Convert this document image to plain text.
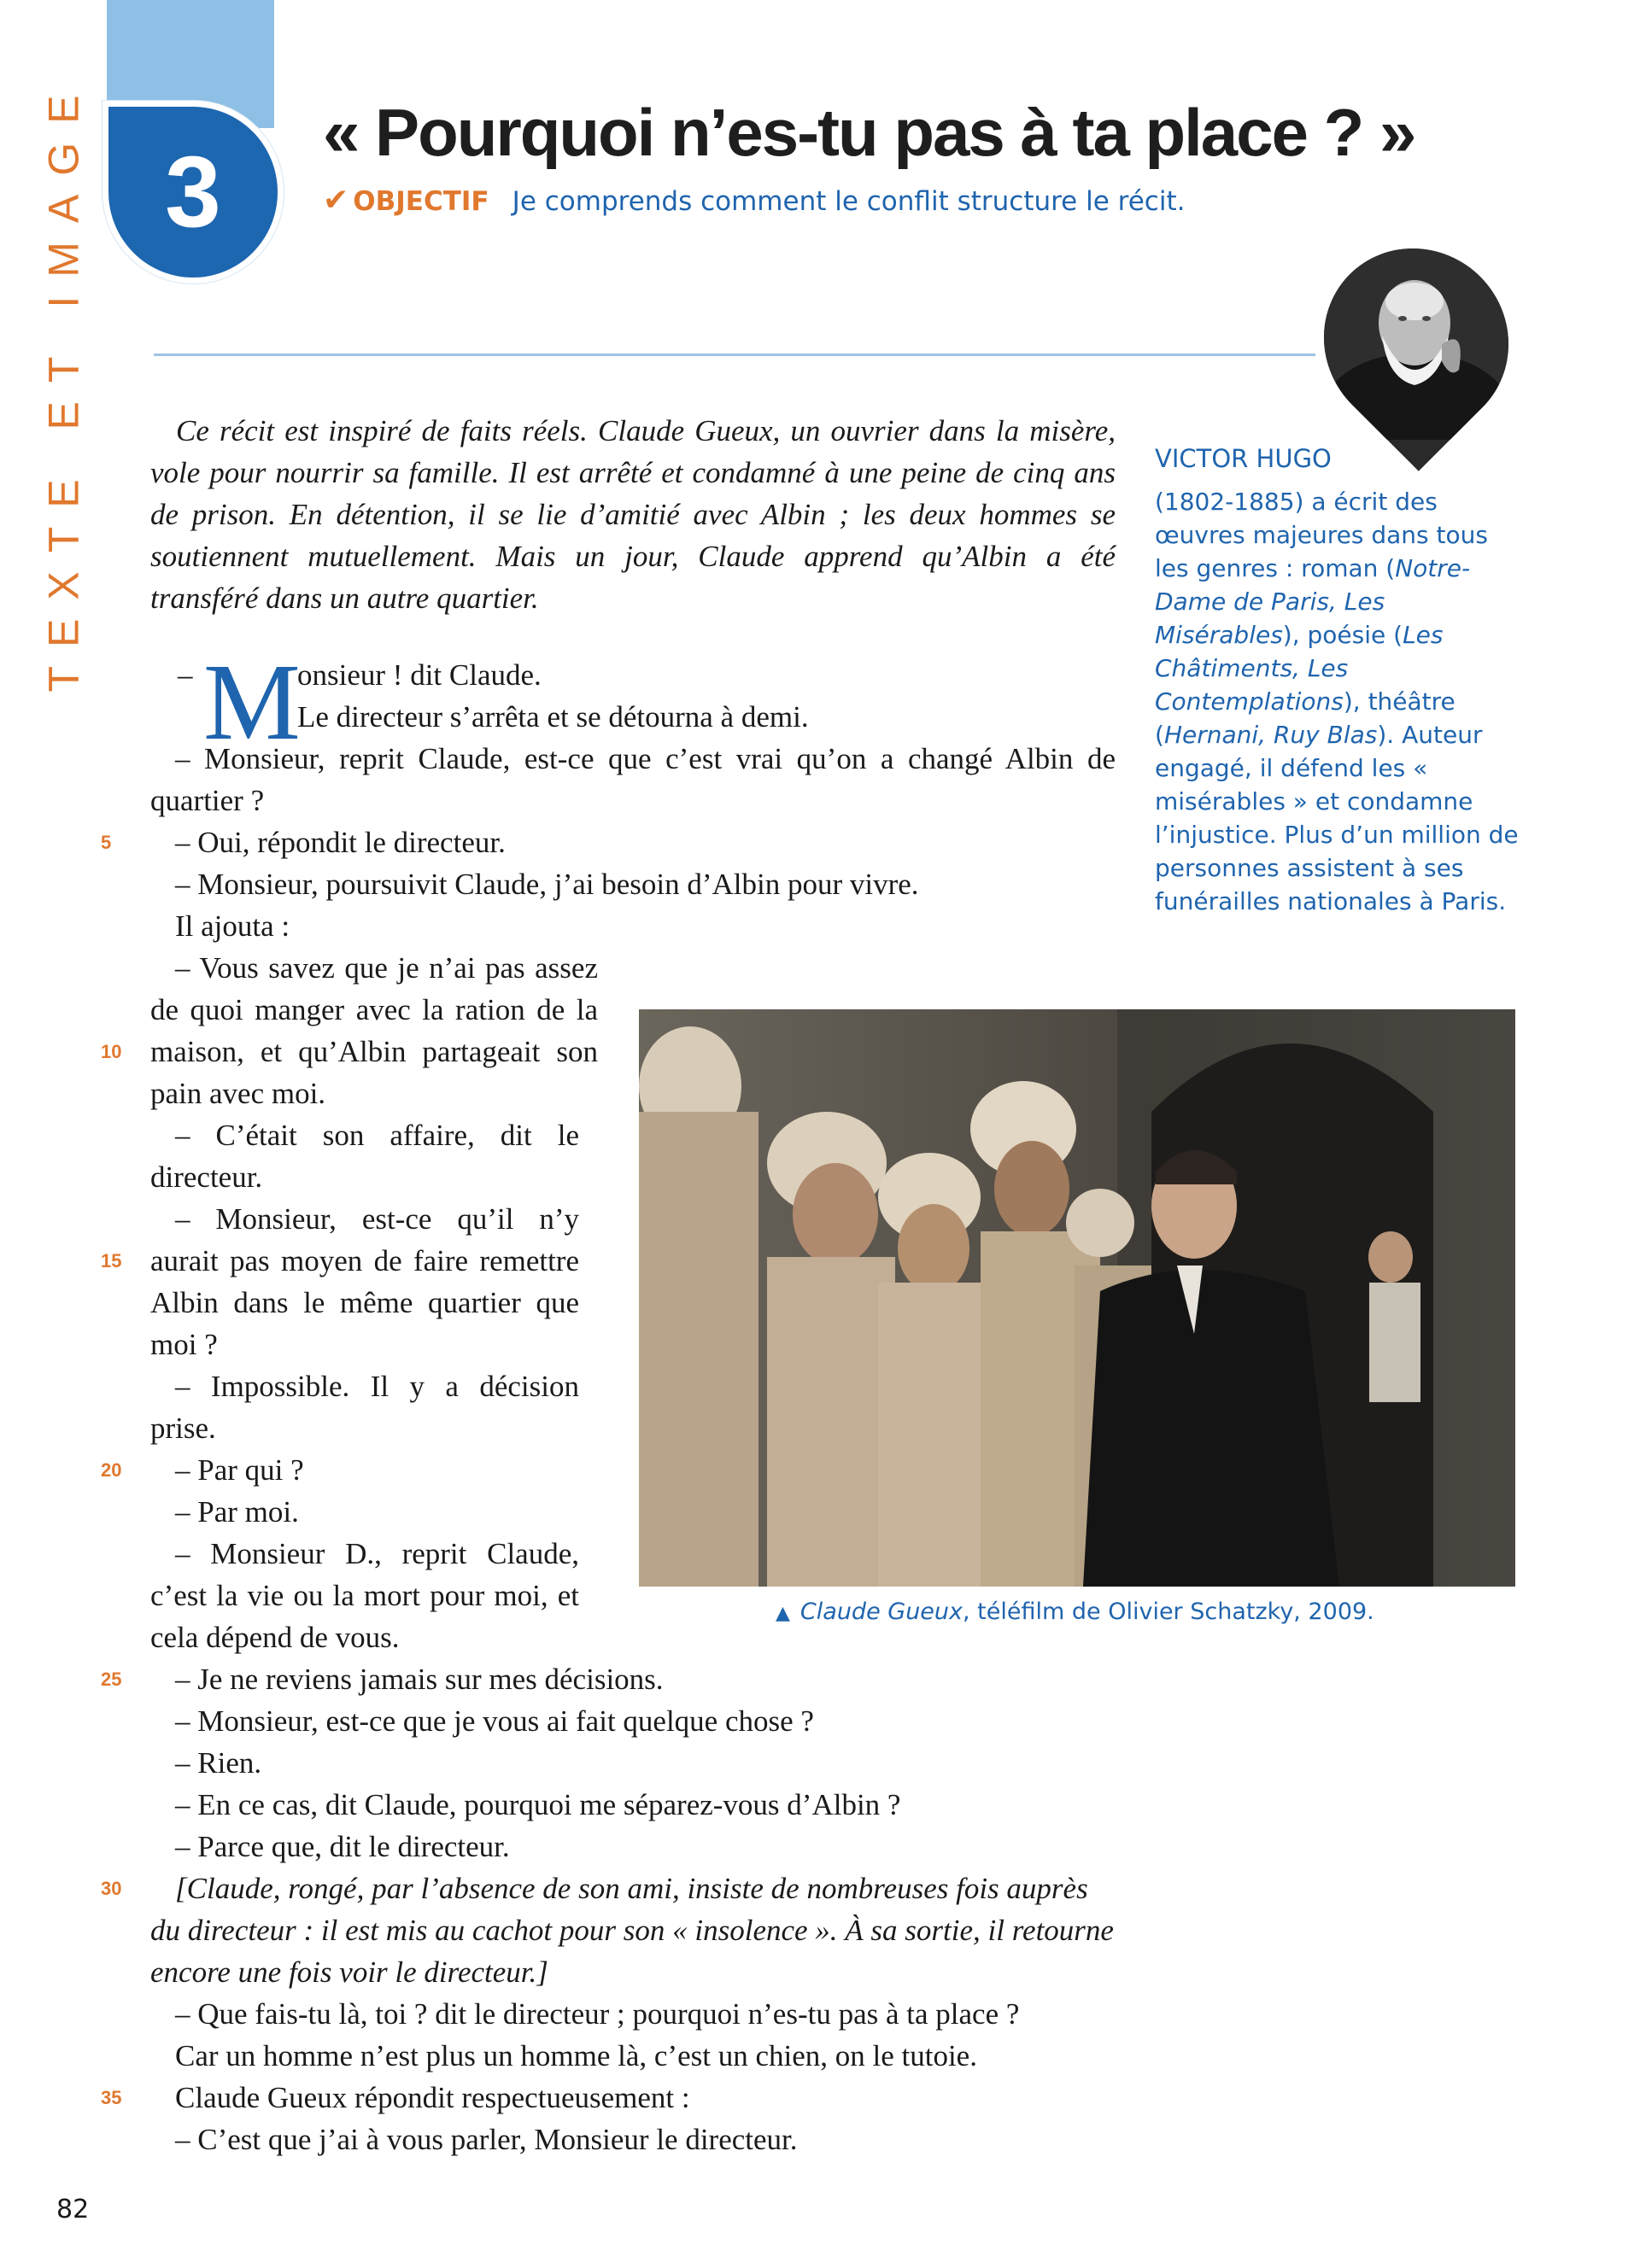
TEXTE ET IMAGE 3
« Pourquoi n’es-tu pas à ta place ? »
✔ OBJECTIF Je comprends comment le conflit structure le récit.
VICTOR HUGO
(1802-1885) a écrit des œuvres majeures dans tous les genres : roman (Notre-Dame de Paris, Les Misérables), poésie (Les Châtiments, Les Contemplations), théâtre (Hernani, Ruy Blas). Auteur engagé, il défend les « misérables » et condamne l’injustice. Plus d’un million de personnes assistent à ses funérailles nationales à Paris.

Ce récit est inspiré de faits réels. Claude Gueux, un ouvrier dans la misère, vole pour nourrir sa famille. Il est arrêté et condamné à une peine de cinq ans de prison. En détention, il se lie d’amitié avec Albin ; les deux hommes se soutiennent mutuellement. Mais un jour, Claude apprend qu’Albin a été transféré dans un autre quartier.

M
–	onsieur ! dit Claude.
Le directeur s’arrêta et se détourna à demi.
– Monsieur, reprit Claude, est-ce que c’est vrai qu’on a changé Albin de
quartier ?
– Oui, répondit le directeur.
– Monsieur, poursuivit Claude, j’ai besoin d’Albin pour vivre.
Il ajouta :
– Vous savez que je n’ai pas assez
de quoi manger avec la ration de la
maison, et qu’Albin partageait son
pain avec moi.
– C’était son affaire, dit le
directeur.
– Monsieur, est-ce qu’il n’y
aurait pas moyen de faire remettre
Albin dans le même quartier que
moi ?
– Impossible. Il y a décision
prise.
– Par qui ?
– Par moi.
– Monsieur D., reprit Claude,
c’est la vie ou la mort pour moi, et
cela dépend de vous.
– Je ne reviens jamais sur mes décisions.
– Monsieur, est-ce que je vous ai fait quelque chose ?
– Rien.
– En ce cas, dit Claude, pourquoi me séparez-vous d’Albin ?
– Parce que, dit le directeur.
[Claude, rongé, par l’absence de son ami, insiste de nombreuses fois auprès
du directeur : il est mis au cachot pour son « insolence ». À sa sortie, il retourne
encore une fois voir le directeur.]
– Que fais-tu là, toi ? dit le directeur ; pourquoi n’es-tu pas à ta place ?
Car un homme n’est plus un homme là, c’est un chien, on le tutoie.
Claude Gueux répondit respectueusement :
– C’est que j’ai à vous parler, Monsieur le directeur.
5
10
15
20
25
30
35
▲ Claude Gueux, téléfilm de Olivier Schatzky, 2009.
82
